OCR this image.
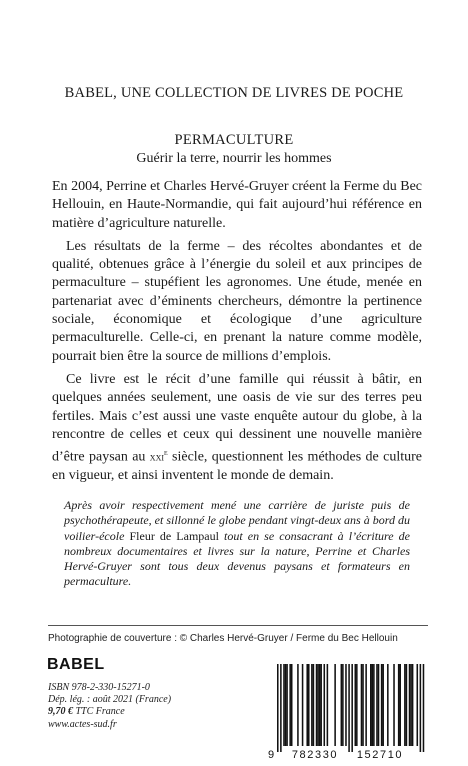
BABEL, UNE COLLECTION DE LIVRES DE POCHE
PERMACULTURE
Guérir la terre, nourrir les hommes

En 2004, Perrine et Charles Hervé-Gruyer créent la Ferme du Bec Hellouin, en Haute-Normandie, qui fait aujourd’hui référence en matière d’agriculture naturelle.

Les résultats de la ferme – des récoltes abondantes et de qualité, obtenues grâce à l’énergie du soleil et aux principes de permaculture – stupéfient les agronomes. Une étude, menée en partenariat avec d’éminents chercheurs, démontre la pertinence sociale, économique et écologique d’une agriculture permaculturelle. Celle-ci, en prenant la nature comme modèle, pourrait bien être la source de millions d’emplois.

Ce livre est le récit d’une famille qui réussit à bâtir, en quelques années seulement, une oasis de vie sur des terres peu fertiles. Mais c’est aussi une vaste enquête autour du globe, à la rencontre de celles et ceux qui dessinent une nouvelle manière d’être paysan au xxi$^e$ siècle, questionnent les méthodes de culture en vigueur, et ainsi inventent le monde de demain.

Après avoir respectivement mené une carrière de juriste puis de psychothérapeute, et sillonné le globe pendant vingt-deux ans à bord du voilier-école Fleur de Lampaul tout en se consacrant à l’écriture de nombreux documentaires et livres sur la nature, Perrine et Charles Hervé-Gruyer sont tous deux devenus paysans et formateurs en permaculture.
Photographie de couverture : © Charles Hervé-Gruyer / Ferme du Bec Hellouin
BABEL
ISBN 978-2-330-15271-0
Dép. lég. : août 2021 (France)
9,70 € TTC France
www.actes-sud.fr
9 782330 152710
